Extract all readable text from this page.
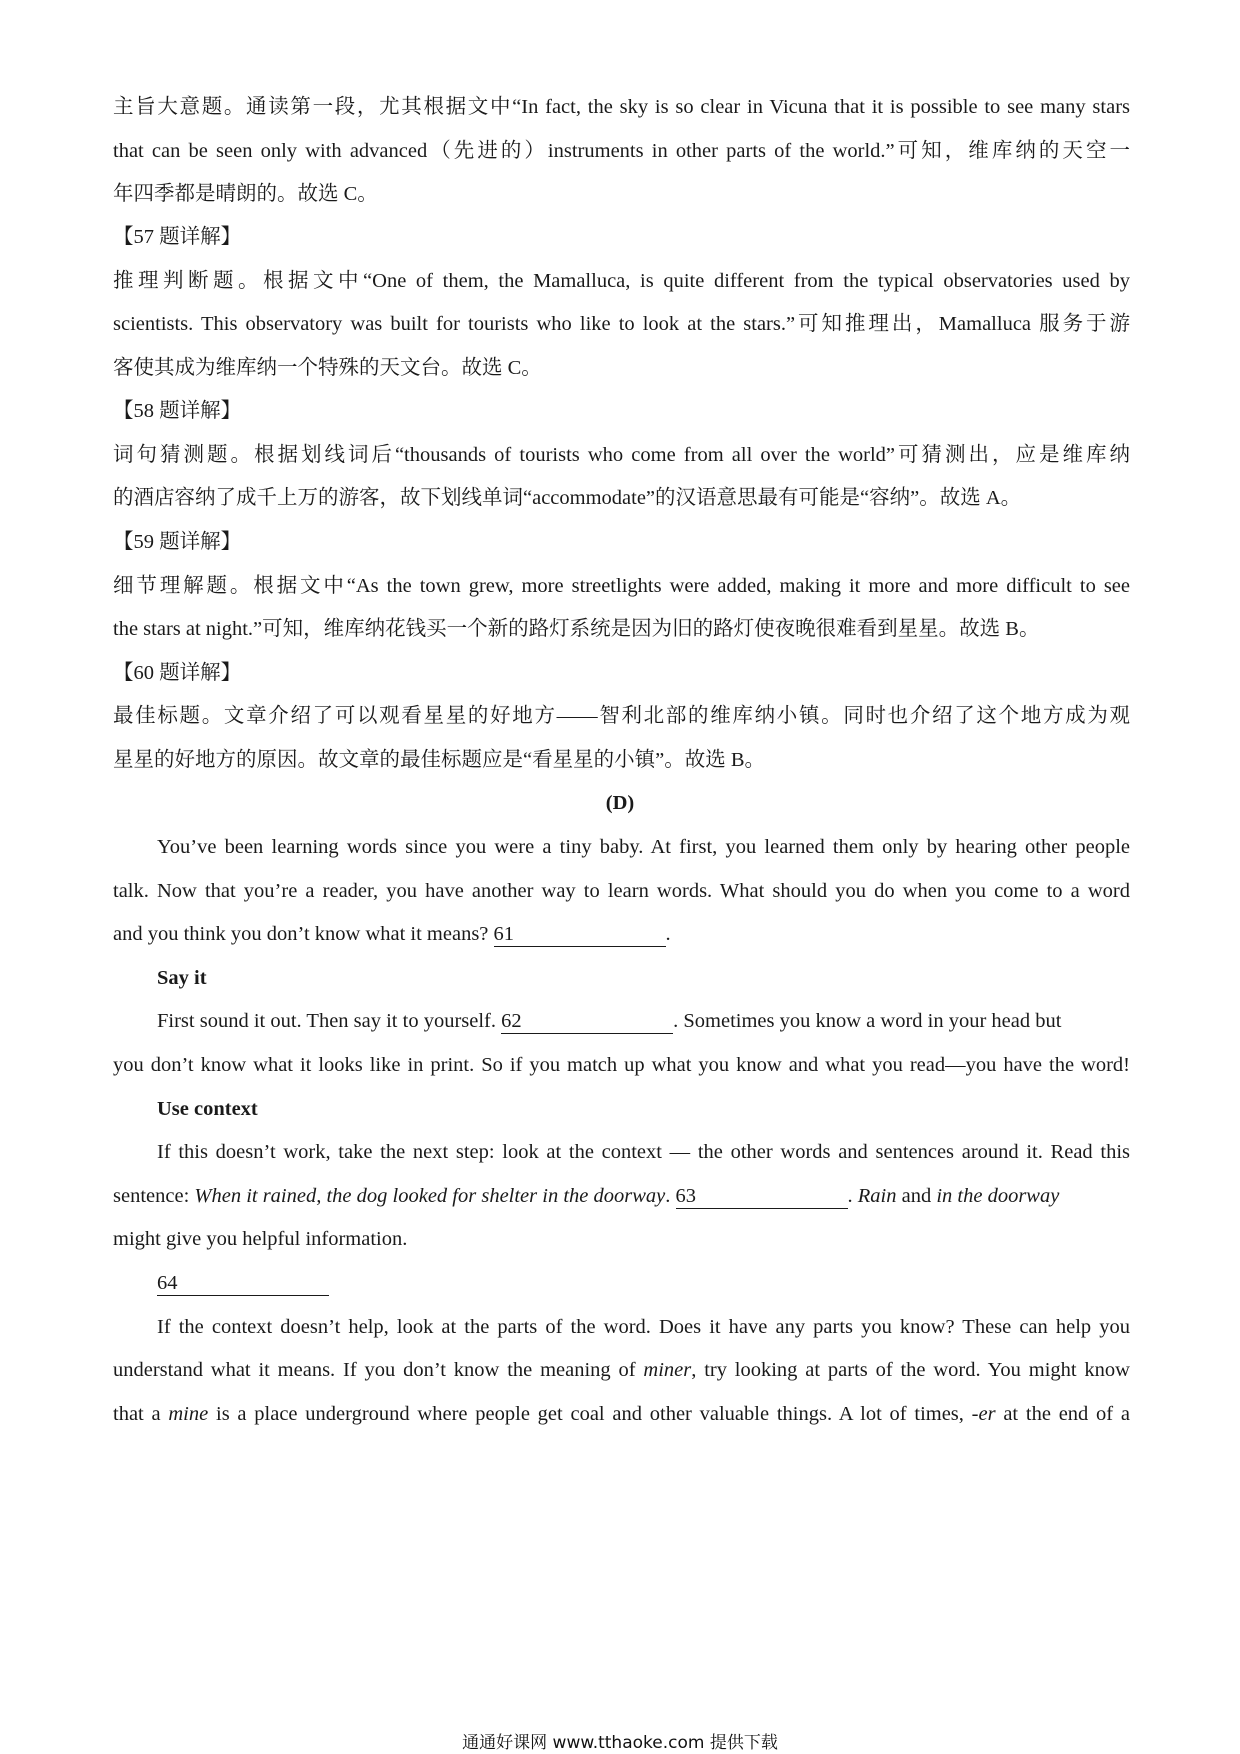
主旨大意题。通读第一段，尤其根据文中“In fact, the sky is so clear in Vicuna that it is possible to see many stars
that can be seen only with advanced（先进的）instruments in other parts of the world.”可知，维库纳的天空一
年四季都是晴朗的。故选 C。
【57 题详解】
推理判断题。根据文中“One of them, the Mamalluca, is quite different from the typical observatories used by
scientists. This observatory was built for tourists who like to look at the stars.”可知推理出，Mamalluca 服务于游
客使其成为维库纳一个特殊的天文台。故选 C。
【58 题详解】
词句猜测题。根据划线词后“thousands of tourists who come from all over the world”可猜测出，应是维库纳
的酒店容纳了成千上万的游客，故下划线单词“accommodate”的汉语意思最有可能是“容纳”。故选 A。
【59 题详解】
细节理解题。根据文中“As the town grew, more streetlights were added, making it more and more difficult to see
the stars at night.”可知，维库纳花钱买一个新的路灯系统是因为旧的路灯使夜晚很难看到星星。故选 B。
【60 题详解】
最佳标题。文章介绍了可以观看星星的好地方——智利北部的维库纳小镇。同时也介绍了这个地方成为观
星星的好地方的原因。故文章的最佳标题应是“看星星的小镇”。故选 B。
(D)
You’ve been learning words since you were a tiny baby. At first, you learned them only by hearing other people
talk. Now that you’re a reader, you have another way to learn words. What should you do when you come to a word
and you think you don’t know what it means? 61	.
Say it
First sound it out. Then say it to yourself. 62	. Sometimes you know a word in your head but
you don’t know what it looks like in print. So if you match up what you know and what you read—you have the word!
Use context
If this doesn’t work, take the next step: look at the context — the other words and sentences around it. Read this
sentence: When it rained, the dog looked for shelter in the doorway. 63	. Rain and in the doorway
might give you helpful information.
64
If the context doesn’t help, look at the parts of the word. Does it have any parts you know? These can help you
understand what it means. If you don’t know the meaning of miner, try looking at parts of the word. You might know
that a mine is a place underground where people get coal and other valuable things. A lot of times, -er at the end of a
通通好课网 www.tthaoke.com 提供下载
